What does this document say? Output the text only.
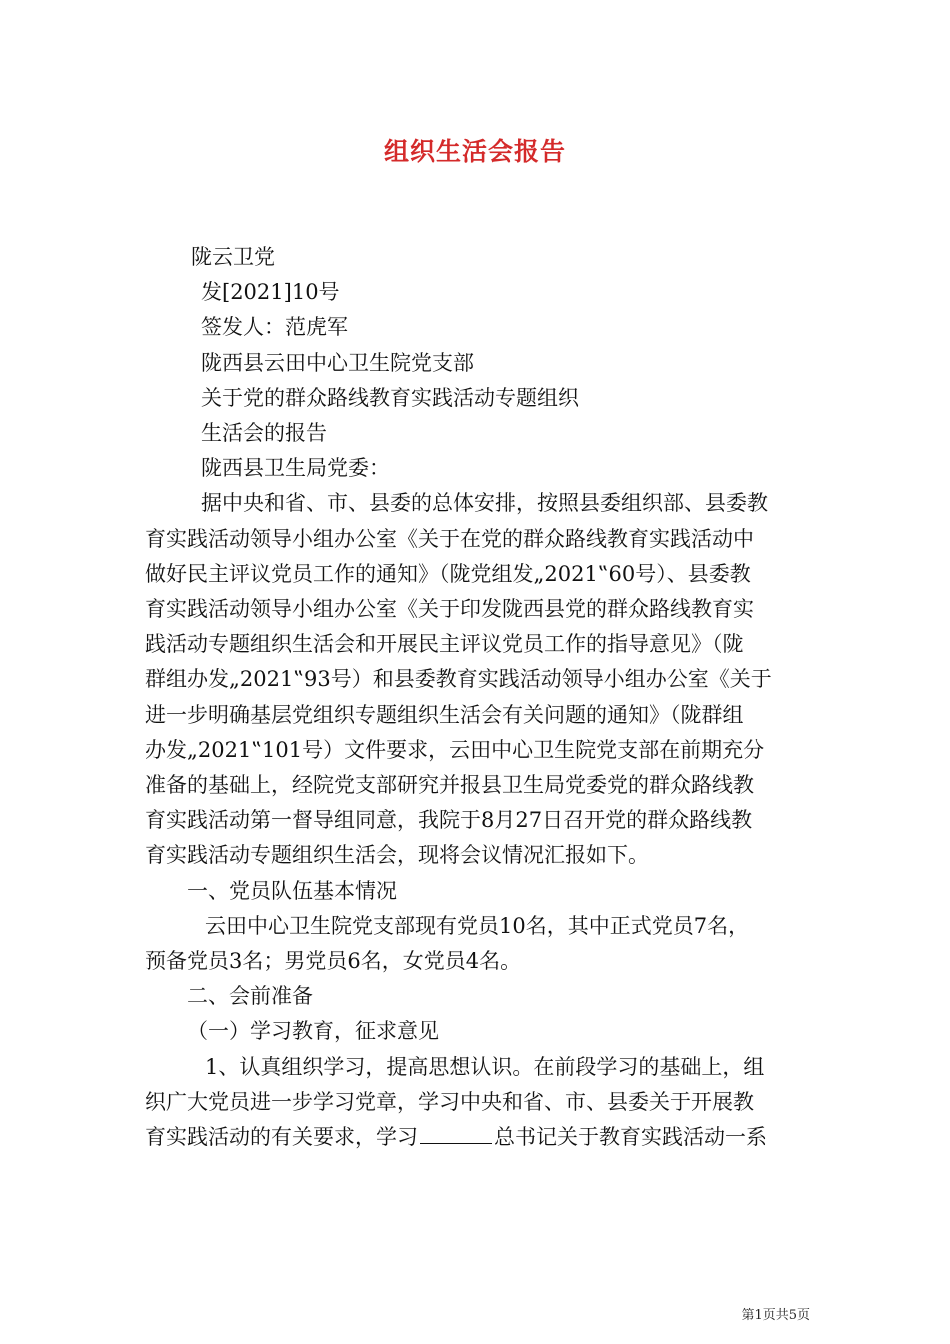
组织生活会报告
陇云卫党
发[2021]10号
签发人：范虎军
陇西县云田中心卫生院党支部
关于党的群众路线教育实践活动专题组织
生活会的报告
陇西县卫生局党委：
据中央和省、市、县委的总体安排，按照县委组织部、县委教
育实践活动领导小组办公室《关于在党的群众路线教育实践活动中
做好民主评议党员工作的通知》（陇党组发„2021‟60号）、县委教
育实践活动领导小组办公室《关于印发陇西县党的群众路线教育实
践活动专题组织生活会和开展民主评议党员工作的指导意见》（陇
群组办发„2021‟93号）和县委教育实践活动领导小组办公室《关于
进一步明确基层党组织专题组织生活会有关问题的通知》（陇群组
办发„2021‟101号）文件要求，云田中心卫生院党支部在前期充分
准备的基础上，经院党支部研究并报县卫生局党委党的群众路线教
育实践活动第一督导组同意，我院于8月27日召开党的群众路线教
育实践活动专题组织生活会，现将会议情况汇报如下。
一、党员队伍基本情况
云田中心卫生院党支部现有党员10名，其中正式党员7名，
预备党员3名；男党员6名，女党员4名。
二、会前准备
（一）学习教育，征求意见
1、认真组织学习，提高思想认识。在前段学习的基础上，组
织广大党员进一步学习党章，学习中央和省、市、县委关于开展教
育实践活动的有关要求，学习	总书记关于教育实践活动一系
第1页共5页
